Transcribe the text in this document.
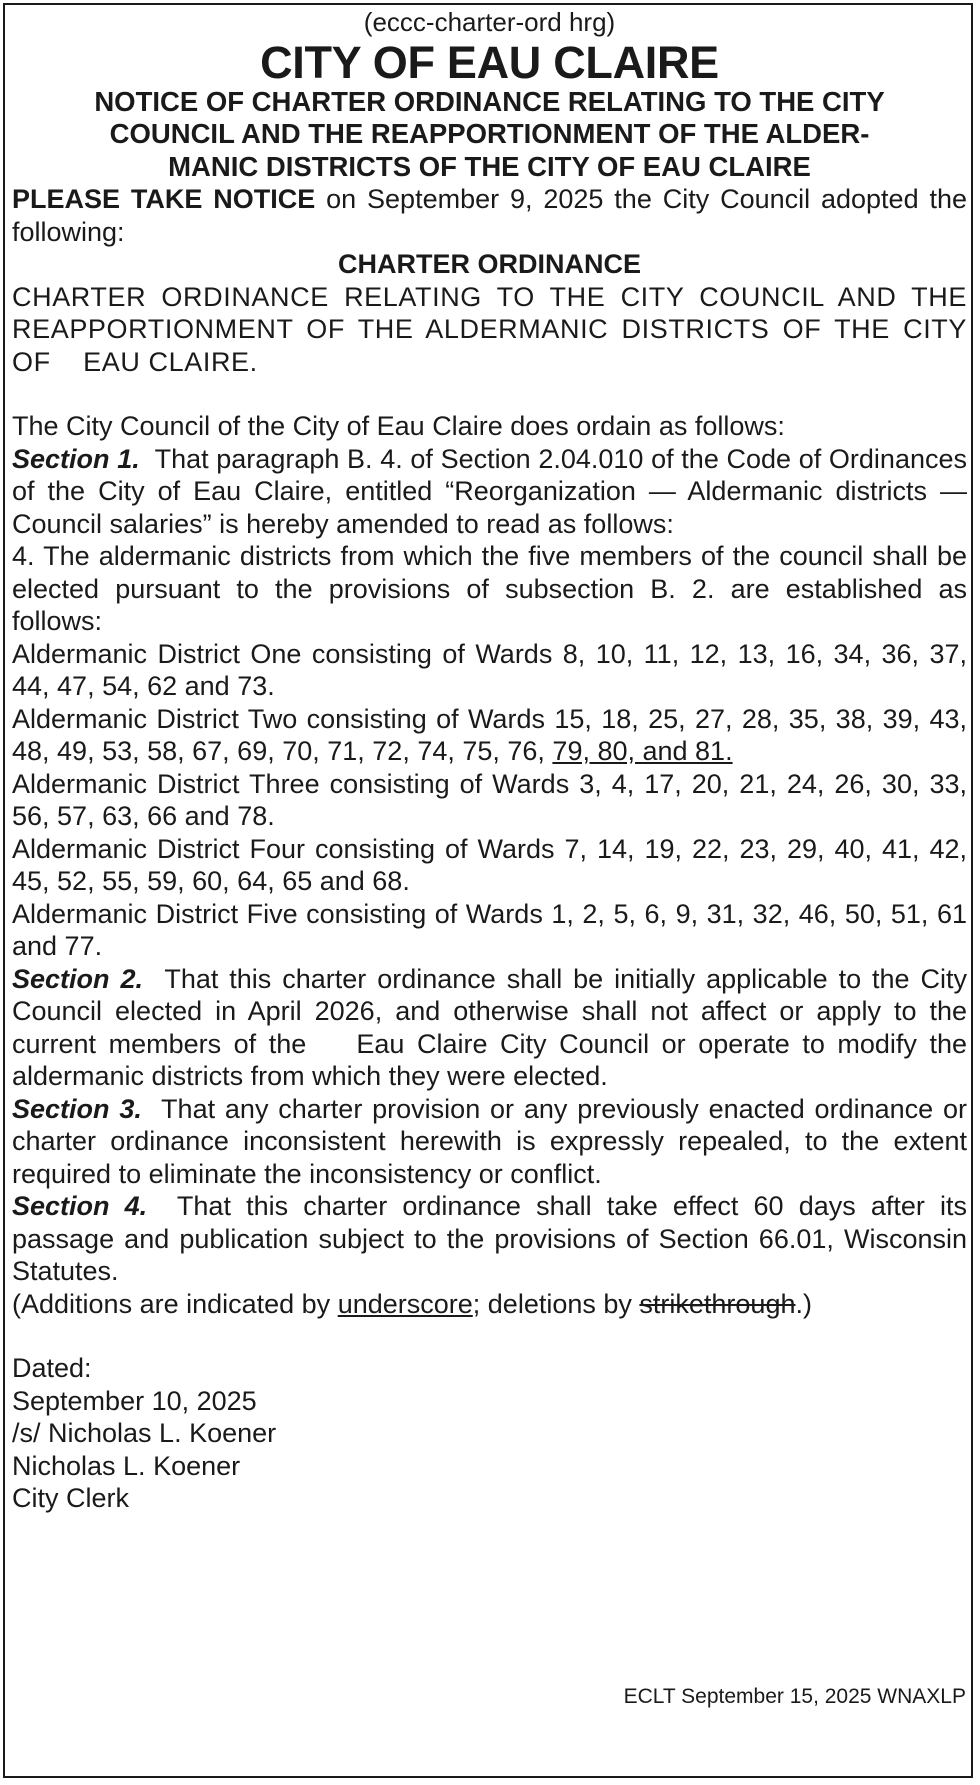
(eccc-charter-ord hrg)
CITY OF EAU CLAIRE
NOTICE OF CHARTER ORDINANCE RELATING TO THE CITY
COUNCIL AND THE REAPPORTIONMENT OF THE ALDER-
MANIC DISTRICTS OF THE CITY OF EAU CLAIRE
PLEASE TAKE NOTICE on September 9, 2025 the City Council adopted the following:
CHARTER ORDINANCE
CHARTER ORDINANCE RELATING TO THE CITY COUNCIL AND THE REAPPORTIONMENT OF THE ALDERMANIC DISTRICTS OF THE CITY OF    EAU CLAIRE.
The City Council of the City of Eau Claire does ordain as follows:
Section 1.  That paragraph B. 4. of Section 2.04.010 of the Code of Ordinances of the City of Eau Claire, entitled “Reorganization — Aldermanic districts — Council salaries” is hereby amended to read as follows:
4. The aldermanic districts from which the five members of the council shall be elected pursuant to the provisions of subsection B. 2. are established as follows:
Aldermanic District One consisting of Wards 8, 10, 11, 12, 13, 16, 34, 36, 37, 44, 47, 54, 62 and 73.
Aldermanic District Two consisting of Wards 15, 18, 25, 27, 28, 35, 38, 39, 43, 48, 49, 53, 58, 67, 69, 70, 71, 72, 74, 75, 76, 79, 80, and 81.
Aldermanic District Three consisting of Wards 3, 4, 17, 20, 21, 24, 26, 30, 33, 56, 57, 63, 66 and 78.
Aldermanic District Four consisting of Wards 7, 14, 19, 22, 23, 29, 40, 41, 42, 45, 52, 55, 59, 60, 64, 65 and 68.
Aldermanic District Five consisting of Wards 1, 2, 5, 6, 9, 31, 32, 46, 50, 51, 61 and 77.
Section 2.  That this charter ordinance shall be initially applicable to the City Council elected in April 2026, and otherwise shall not affect or apply to the current members of the    Eau Claire City Council or operate to modify the aldermanic districts from which they were elected.
Section 3.  That any charter provision or any previously enacted ordinance or charter ordinance inconsistent herewith is expressly repealed, to the extent required to eliminate the inconsistency or conflict.
Section 4.  That this charter ordinance shall take effect 60 days after its passage and publication subject to the provisions of Section 66.01, Wisconsin Statutes.
(Additions are indicated by underscore; deletions by strikethrough.)
Dated:
September 10, 2025
/s/ Nicholas L. Koener
Nicholas L. Koener
City Clerk
ECLT September 15, 2025 WNAXLP
